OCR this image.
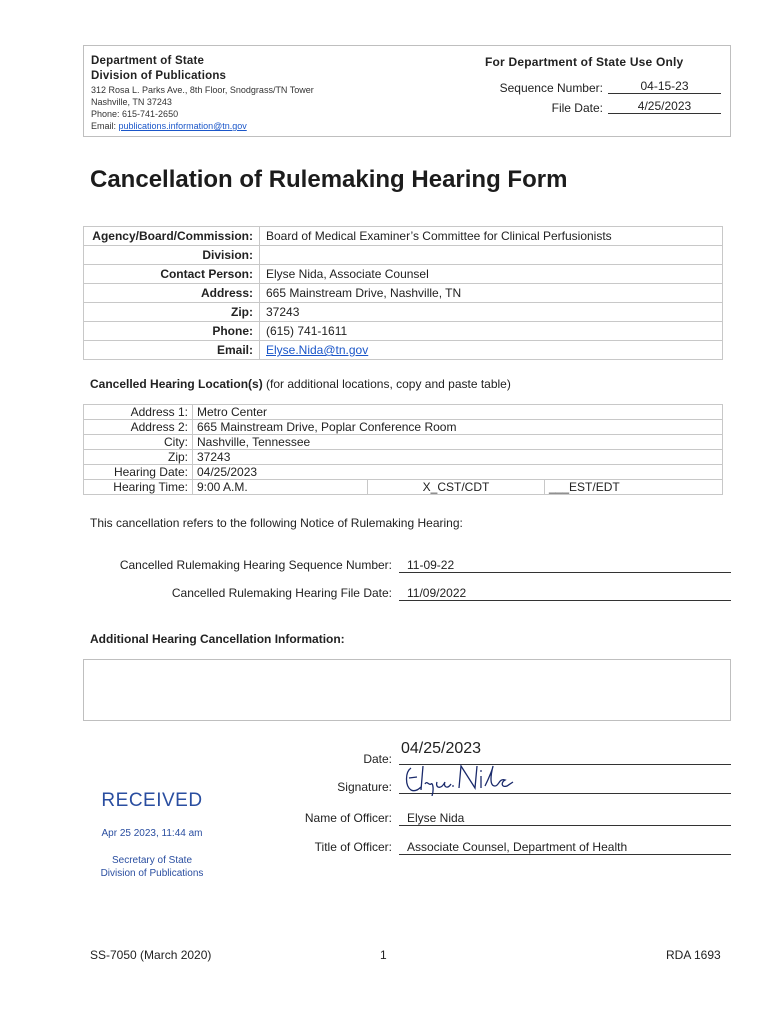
Department of State
Division of Publications
312 Rosa L. Parks Ave., 8th Floor, Snodgrass/TN Tower
Nashville, TN 37243
Phone: 615-741-2650
Email: publications.information@tn.gov
For Department of State Use Only
Sequence Number:	04-15-23
File Date:	4/25/2023
Cancellation of Rulemaking Hearing Form
Agency/Board/Commission:	Board of Medical Examiner’s Committee for Clinical Perfusionists
Division:	
Contact Person:	Elyse Nida, Associate Counsel
Address:	665 Mainstream Drive, Nashville, TN
Zip:	37243
Phone:	(615) 741-1611
Email:	Elyse.Nida@tn.gov
Cancelled Hearing Location(s) (for additional locations, copy and paste table)
Address 1:	Metro Center		
Address 2:	665 Mainstream Drive, Poplar Conference Room		
City:	Nashville, Tennessee		
Zip:	37243		
Hearing Date:	04/25/2023		
Hearing Time:	9:00 A.M.	X_CST/CDT	___EST/EDT
This cancellation refers to the following Notice of Rulemaking Hearing:
Cancelled Rulemaking Hearing Sequence Number:	11-09-22
Cancelled Rulemaking Hearing File Date:	11/09/2022
Additional Hearing Cancellation Information:
RECEIVED
Apr 25 2023, 11:44 am
Secretary of State
Division of Publications
Date:
04/25/2023
Signature:
Name of Officer:	Elyse Nida
Title of Officer:	Associate Counsel, Department of Health
SS-7050 (March 2020)	1	RDA 1693
